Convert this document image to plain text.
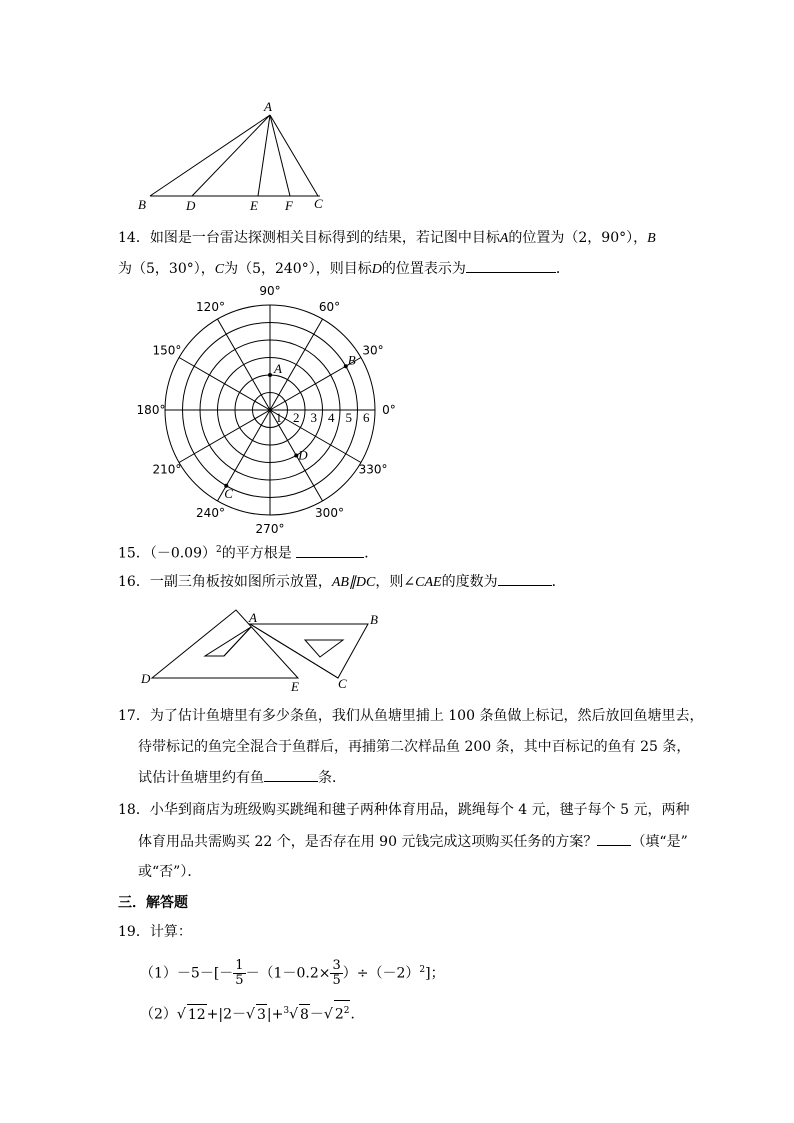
A
B	D	E F C
14．如图是一台雷达探测相关目标得到的结果，若记图中目标A的位置为（2，90°），B
为（5，30°），C为（5，240°），则目标D的位置表示为	．
90°
60°
30°
0°
330°
300°
270°
240°
210°
180°
150°
120°
1 2 3 4 5 6
A
B
C
D
15．$(-0.09)^2$的平方根是	．
16．一副三角板按如图所示放置，AB∥DC，则∠CAE的度数为	．
A	B
D
E	C
17．为了估计鱼塘里有多少条鱼，我们从鱼塘里捕上 100 条鱼做上标记，然后放回鱼塘里去，
待带标记的鱼完全混合于鱼群后，再捕第二次样品鱼 200 条，其中百标记的鱼有 25 条，
试估计鱼塘里约有鱼	条．
18．小华到商店为班级购买跳绳和毽子两种体育用品，跳绳每个 4 元，毽子每个 5 元，两种
体育用品共需购买 22 个，是否存在用 90 元钱完成这项购买任务的方案？ （填“是”
或“否”）．
三．解答题
19．计算：
$(1)-5-[- \frac{1}{5} -(1-0.2\times \frac{3}{5} )\div(-2)^2]$；
（2）√ 12+|2－√ 3|+$^3$√ 8－√ $2^2$．
